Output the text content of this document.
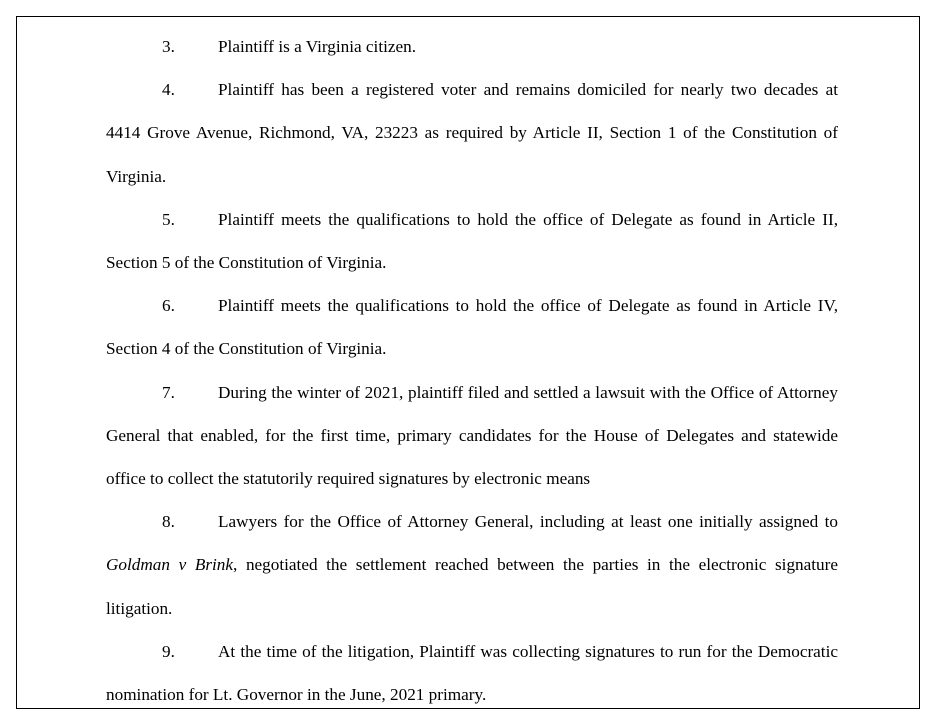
3.	Plaintiff is a Virginia citizen.

4.	Plaintiff has been a registered voter and remains domiciled for nearly two decades at 4414 Grove Avenue, Richmond, VA, 23223 as required by Article II, Section 1 of the Constitution of Virginia.

5.	Plaintiff meets the qualifications to hold the office of Delegate as found in Article II, Section 5 of the Constitution of Virginia.

6.	Plaintiff meets the qualifications to hold the office of Delegate as found in Article IV, Section 4 of the Constitution of Virginia.

7.	During the winter of 2021, plaintiff filed and settled a lawsuit with the Office of Attorney General that enabled, for the first time, primary candidates for the House of Delegates and statewide office to collect the statutorily required signatures by electronic means

8.	Lawyers for the Office of Attorney General, including at least one initially assigned to Goldman v Brink, negotiated the settlement reached between the parties in the electronic signature litigation.

9.	At the time of the litigation, Plaintiff was collecting signatures to run for the Democratic nomination for Lt. Governor in the June, 2021 primary.
